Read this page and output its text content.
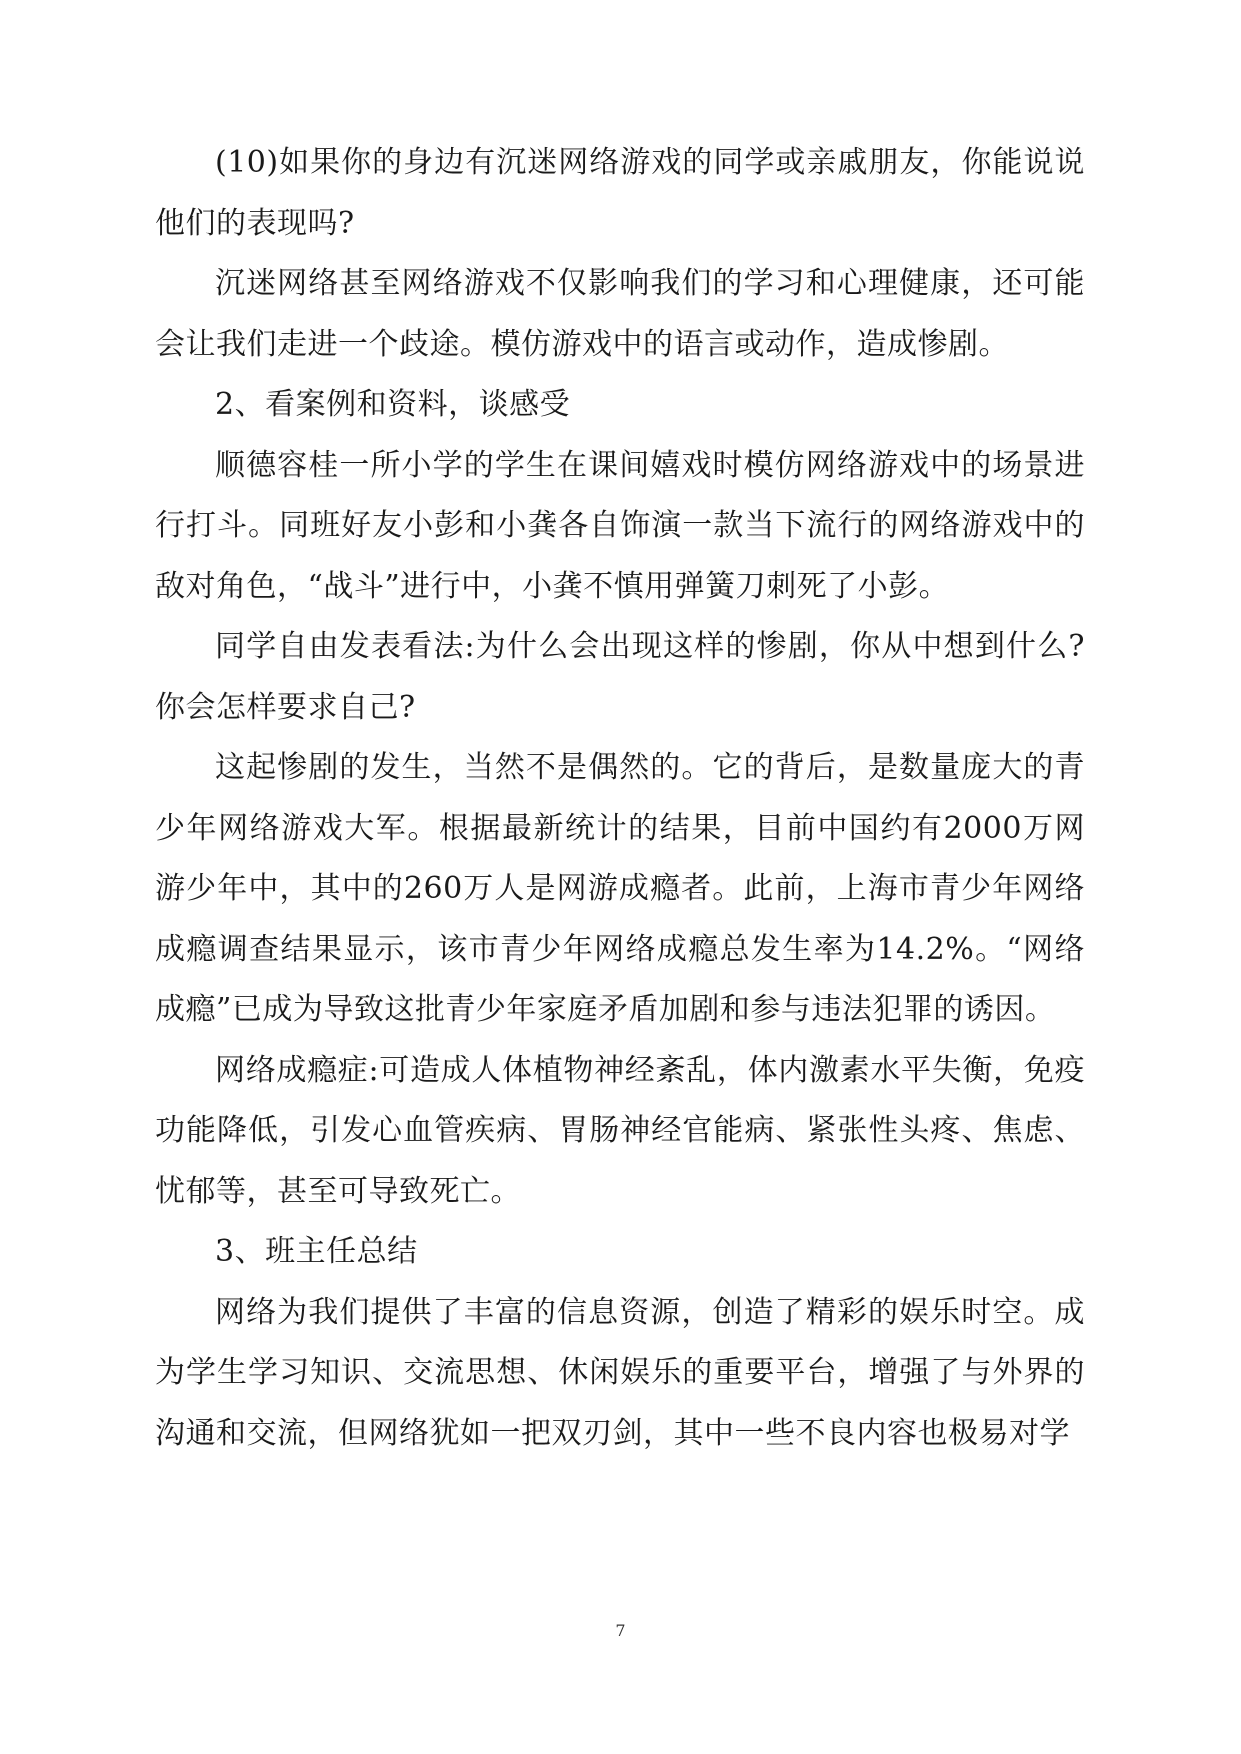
(10)如果你的身边有沉迷网络游戏的同学或亲戚朋友，你能说说他们的表现吗?

沉迷网络甚至网络游戏不仅影响我们的学习和心理健康，还可能会让我们走进一个歧途。模仿游戏中的语言或动作，造成惨剧。

2、看案例和资料，谈感受

顺德容桂一所小学的学生在课间嬉戏时模仿网络游戏中的场景进行打斗。同班好友小彭和小龚各自饰演一款当下流行的网络游戏中的敌对角色，“战斗”进行中，小龚不慎用弹簧刀刺死了小彭。

同学自由发表看法:为什么会出现这样的惨剧，你从中想到什么?你会怎样要求自己?

这起惨剧的发生，当然不是偶然的。它的背后，是数量庞大的青少年网络游戏大军。根据最新统计的结果，目前中国约有2000万网游少年中，其中的260万人是网游成瘾者。此前，上海市青少年网络成瘾调查结果显示，该市青少年网络成瘾总发生率为14.2%。“网络成瘾”已成为导致这批青少年家庭矛盾加剧和参与违法犯罪的诱因。

网络成瘾症:可造成人体植物神经紊乱，体内激素水平失衡，免疫功能降低，引发心血管疾病、胃肠神经官能病、紧张性头疼、焦虑、忧郁等，甚至可导致死亡。

3、班主任总结

网络为我们提供了丰富的信息资源，创造了精彩的娱乐时空。成为学生学习知识、交流思想、休闲娱乐的重要平台，增强了与外界的沟通和交流，但网络犹如一把双刃剑，其中一些不良内容也极易对学

7
